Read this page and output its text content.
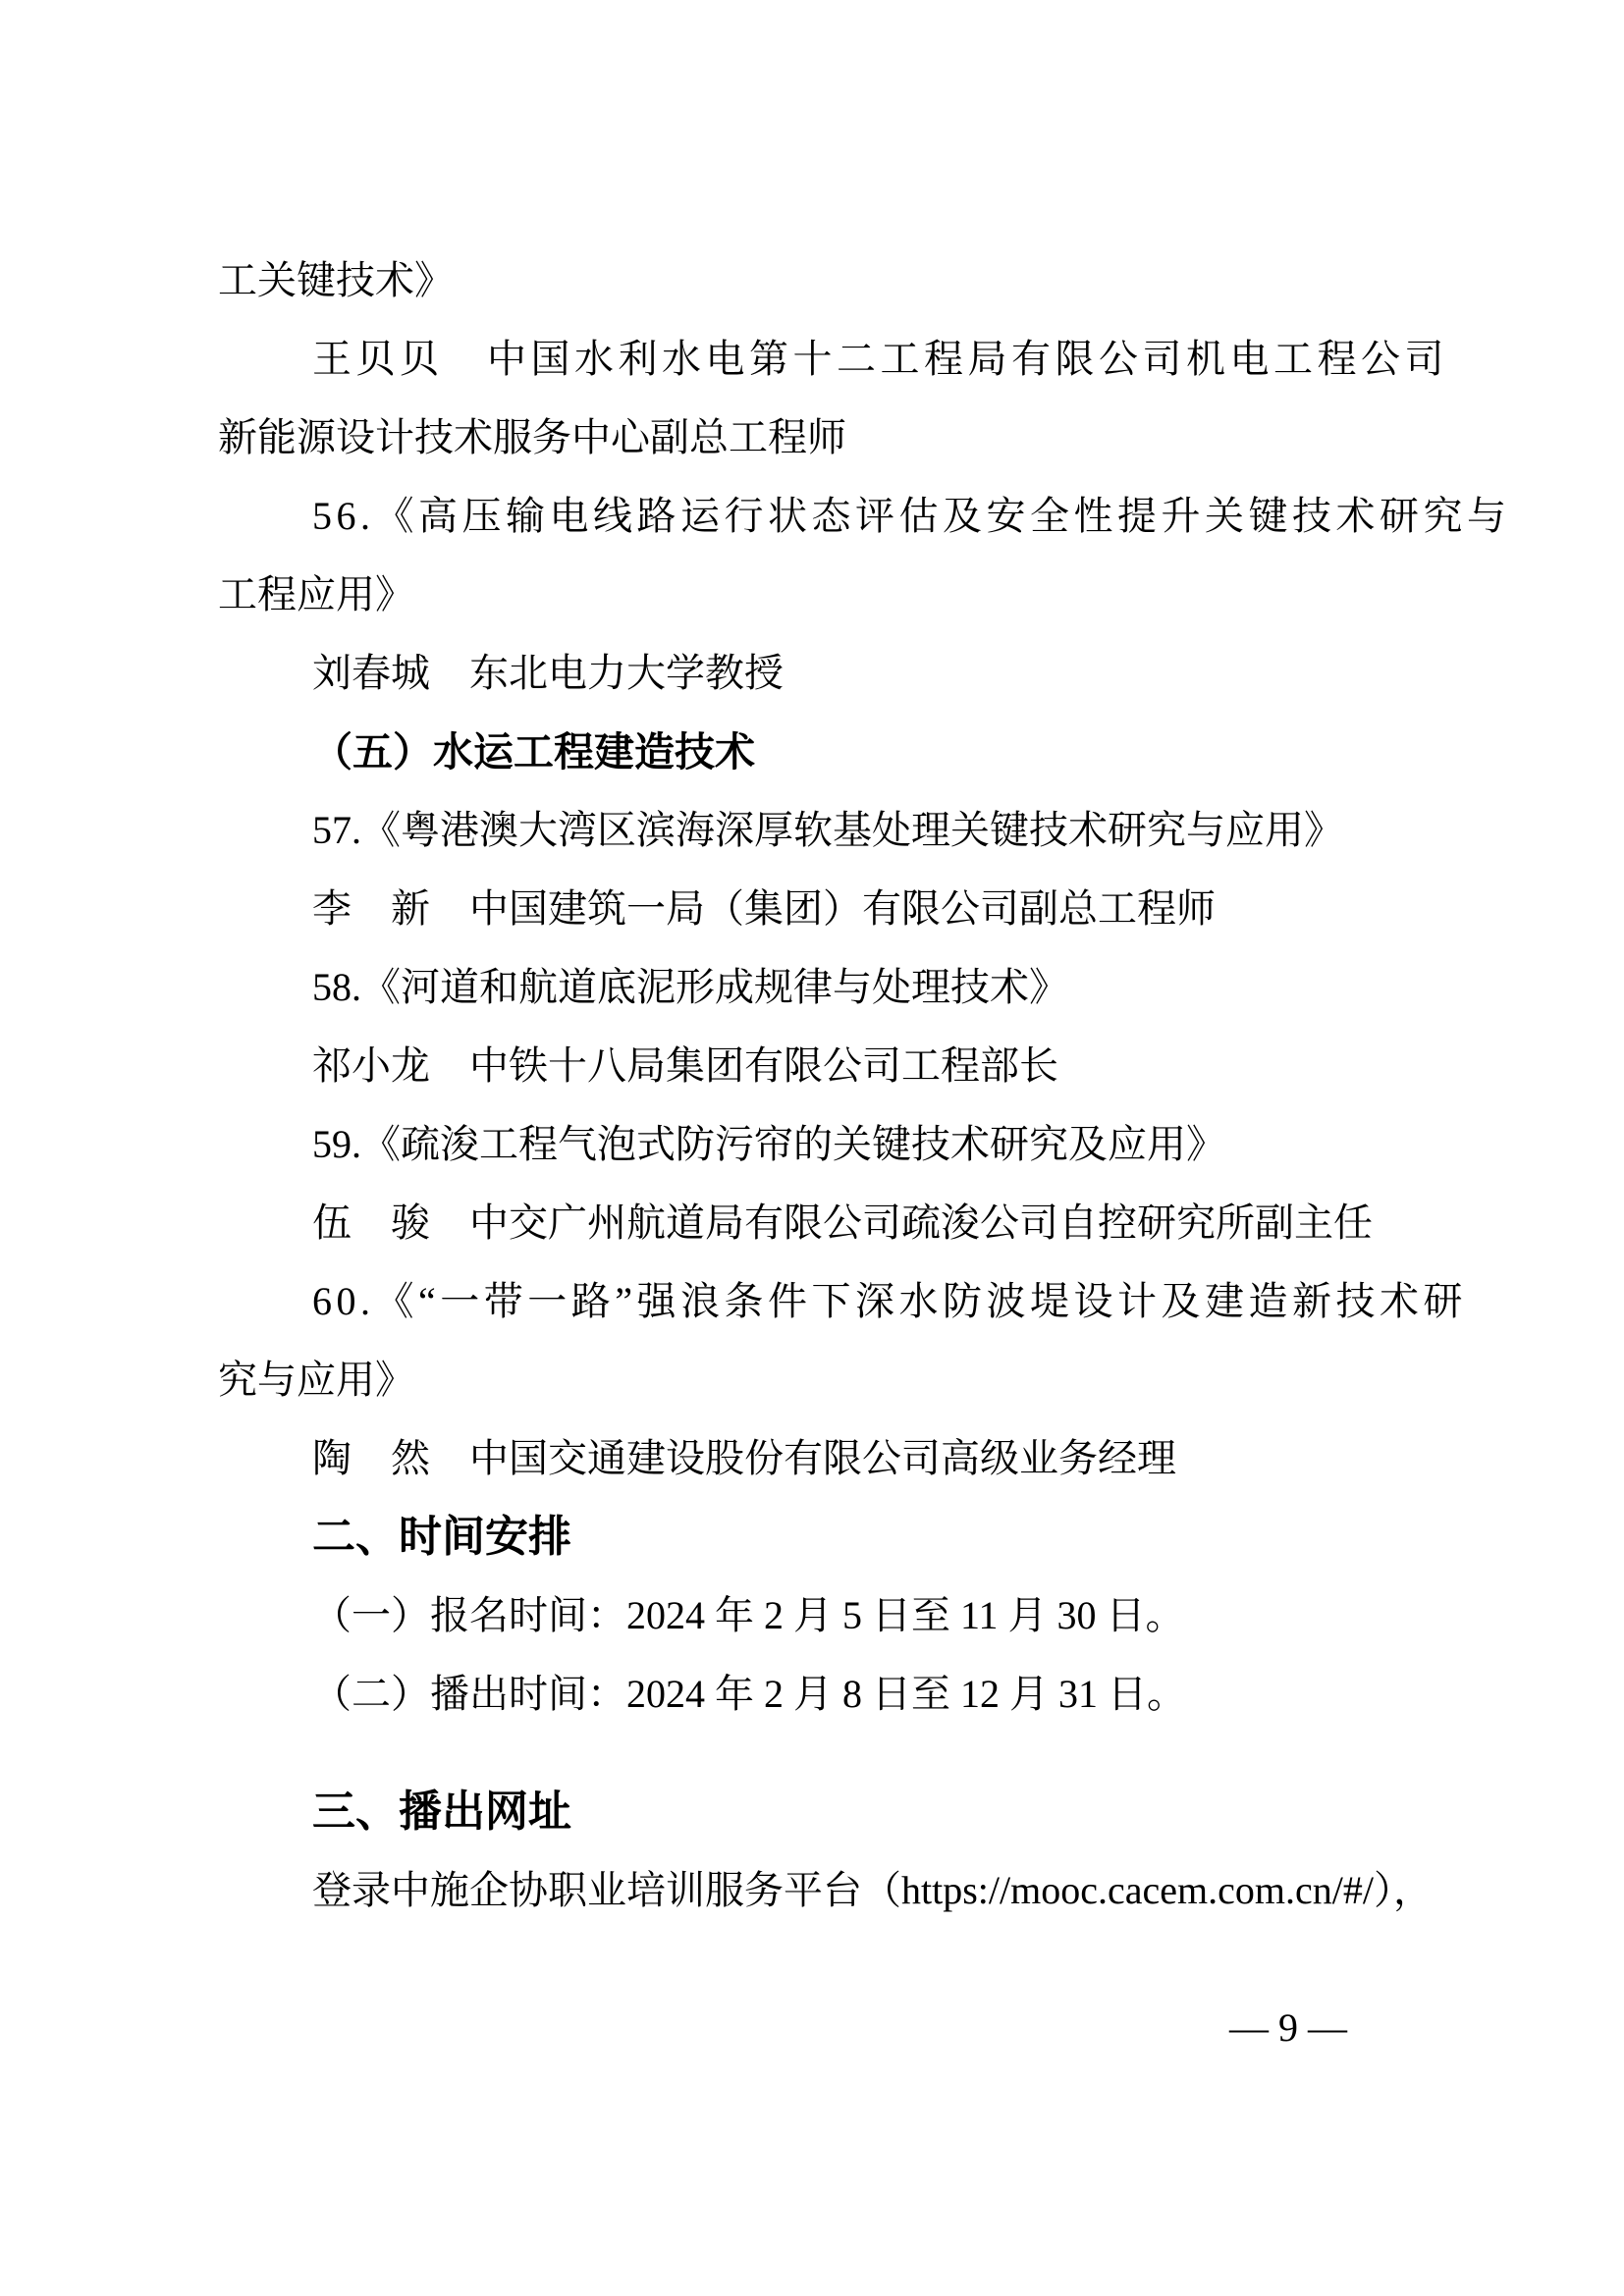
工关键技术》
王贝贝　中国水利水电第十二工程局有限公司机电工程公司
新能源设计技术服务中心副总工程师
56.《高压输电线路运行状态评估及安全性提升关键技术研究与
工程应用》
刘春城　东北电力大学教授
（五）水运工程建造技术
57.《粤港澳大湾区滨海深厚软基处理关键技术研究与应用》
李　新　中国建筑一局（集团）有限公司副总工程师
58.《河道和航道底泥形成规律与处理技术》
祁小龙　中铁十八局集团有限公司工程部长
59.《疏浚工程气泡式防污帘的关键技术研究及应用》
伍　骏　中交广州航道局有限公司疏浚公司自控研究所副主任
60.《“一带一路”强浪条件下深水防波堤设计及建造新技术研
究与应用》
陶　然　中国交通建设股份有限公司高级业务经理
二、时间安排
（一）报名时间：2024 年 2 月 5 日至 11 月 30 日。
（二）播出时间：2024 年 2 月 8 日至 12 月 31 日。
三、播出网址
登录中施企协职业培训服务平台（https://mooc.cacem.com.cn/#/），
— 9 —
